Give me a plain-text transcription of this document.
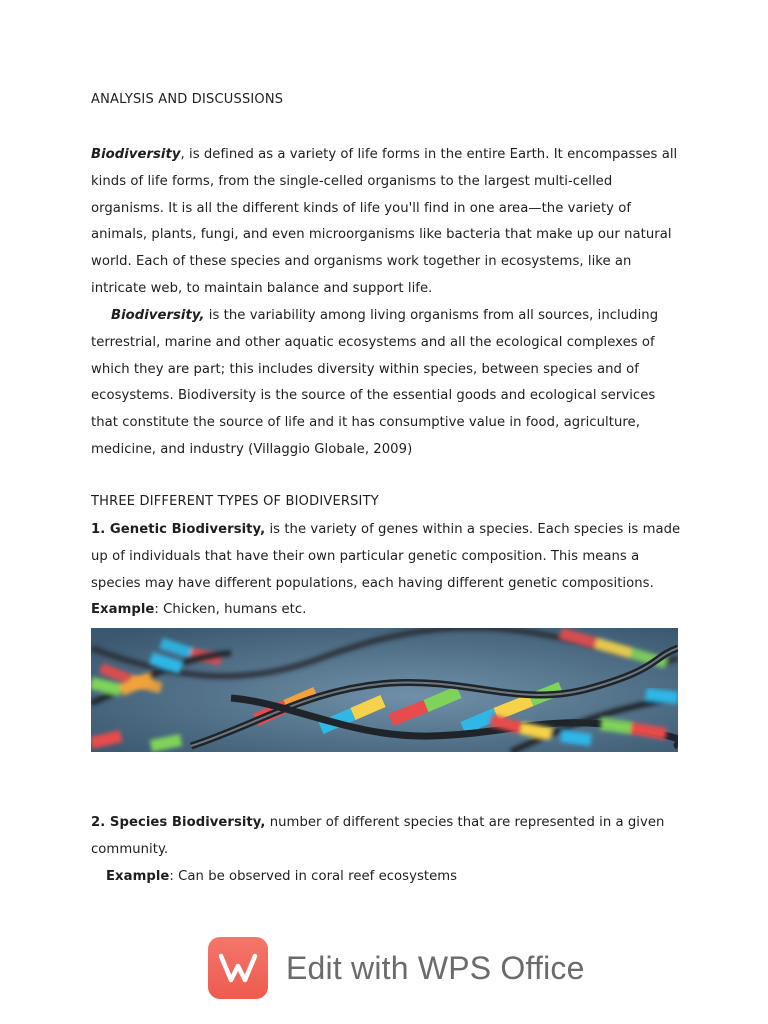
ANALYSIS AND DISCUSSIONS

Biodiversity, is defined as a variety of life forms in the entire Earth. It encompasses all
kinds of life forms, from the single-celled organisms to the largest multi-celled
organisms. It is all the different kinds of life you'll find in one area—the variety of
animals, plants, fungi, and even microorganisms like bacteria that make up our natural
world. Each of these species and organisms work together in ecosystems, like an
intricate web, to maintain balance and support life.

Biodiversity, is the variability among living organisms from all sources, including
terrestrial, marine and other aquatic ecosystems and all the ecological complexes of
which they are part; this includes diversity within species, between species and of
ecosystems. Biodiversity is the source of the essential goods and ecological services
that constitute the source of life and it has consumptive value in food, agriculture,
medicine, and industry (Villaggio Globale, 2009)

THREE DIFFERENT TYPES OF BIODIVERSITY

1. Genetic Biodiversity, is the variety of genes within a species. Each species is made
up of individuals that have their own particular genetic composition. This means a
species may have different populations, each having different genetic compositions.
Example: Chicken, humans etc.

2. Species Biodiversity, number of different species that are represented in a given
community.
Example: Can be observed in coral reef ecosystems

Edit with WPS Office
